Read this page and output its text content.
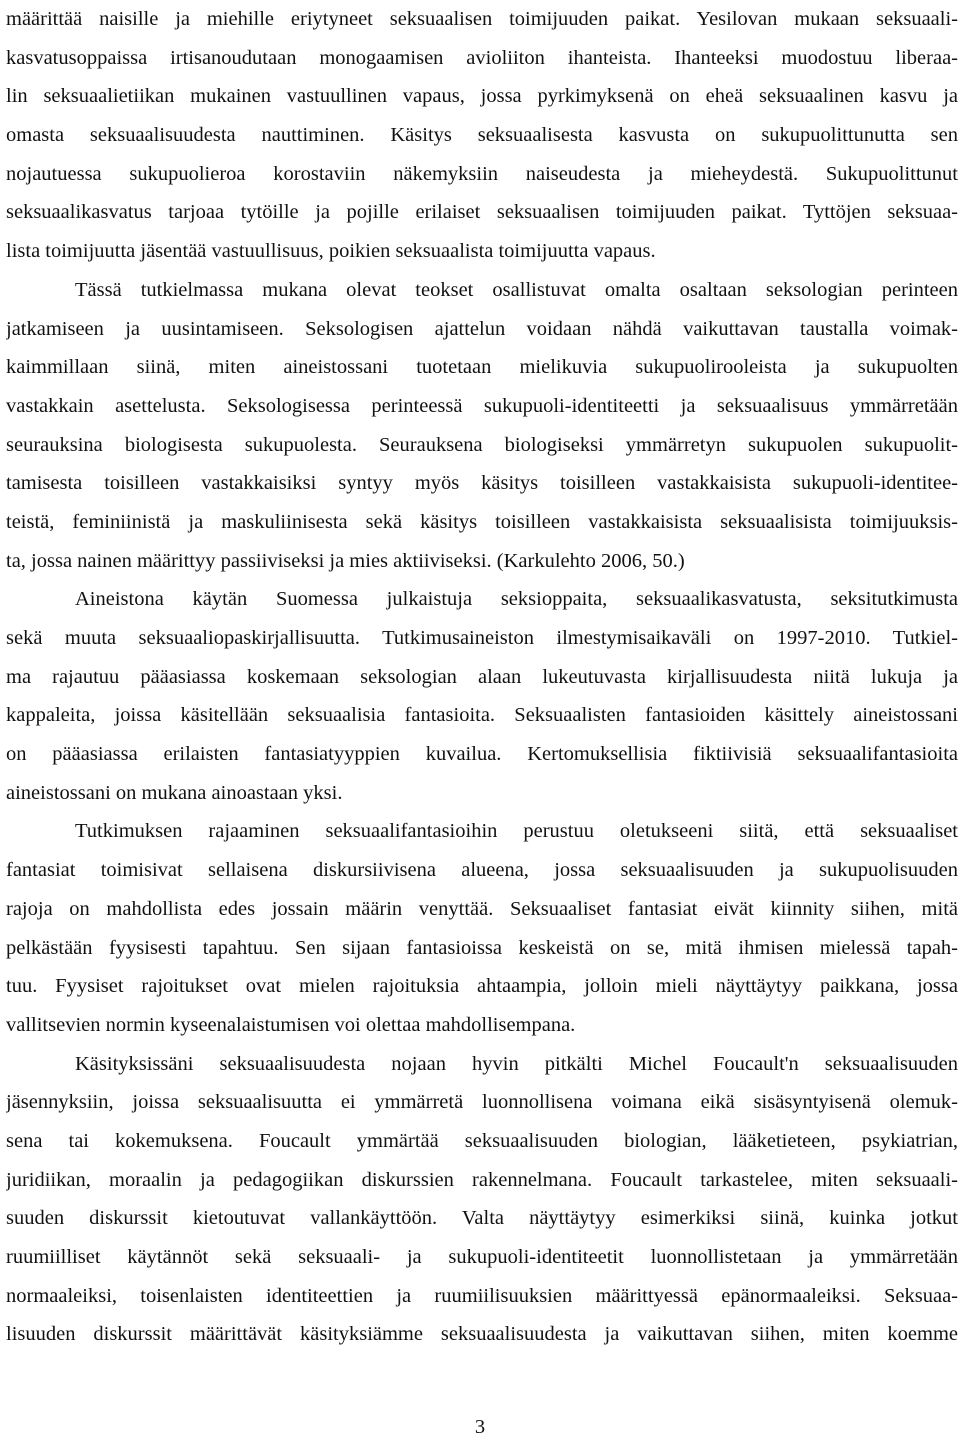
määrittää naisille ja miehille eriytyneet seksuaalisen toimijuuden paikat. Yesilovan mukaan seksuaali-
kasvatusoppaissa irtisanoudutaan monogaamisen avioliiton ihanteista. Ihanteeksi muodostuu liberaa-
lin seksuaalietiikan mukainen vastuullinen vapaus, jossa pyrkimyksenä on eheä seksuaalinen kasvu ja
omasta seksuaalisuudesta nauttiminen. Käsitys seksuaalisesta kasvusta on sukupuolittunutta sen
nojautuessa sukupuolieroa korostaviin näkemyksiin naiseudesta ja mieheydestä. Sukupuolittunut
seksuaalikasvatus tarjoaa tytöille ja pojille erilaiset seksuaalisen toimijuuden paikat. Tyttöjen seksuaa-
lista toimijuutta jäsentää vastuullisuus, poikien seksuaalista toimijuutta vapaus.
Tässä tutkielmassa mukana olevat teokset osallistuvat omalta osaltaan seksologian perinteen
jatkamiseen ja uusintamiseen. Seksologisen ajattelun voidaan nähdä vaikuttavan taustalla voimak-
kaimmillaan siinä, miten aineistossani tuotetaan mielikuvia sukupuolirooleista ja sukupuolten
vastakkain asettelusta. Seksologisessa perinteessä sukupuoli-identiteetti ja seksuaalisuus ymmärretään
seurauksina biologisesta sukupuolesta. Seurauksena biologiseksi ymmärretyn sukupuolen sukupuolit-
tamisesta toisilleen vastakkaisiksi syntyy myös käsitys toisilleen vastakkaisista sukupuoli-identitee-
teistä, feminiinistä ja maskuliinisesta sekä käsitys toisilleen vastakkaisista seksuaalisista toimijuuksis-
ta, jossa nainen määrittyy passiiviseksi ja mies aktiiviseksi. (Karkulehto 2006, 50.)
Aineistona käytän Suomessa julkaistuja seksioppaita, seksuaalikasvatusta, seksitutkimusta
sekä muuta seksuaaliopaskirjallisuutta. Tutkimusaineiston ilmestymisaikaväli on 1997-2010. Tutkiel-
ma rajautuu pääasiassa koskemaan seksologian alaan lukeutuvasta kirjallisuudesta niitä lukuja ja
kappaleita, joissa käsitellään seksuaalisia fantasioita. Seksuaalisten fantasioiden käsittely aineistossani
on pääasiassa erilaisten fantasiatyyppien kuvailua. Kertomuksellisia fiktiivisiä seksuaalifantasioita
aineistossani on mukana ainoastaan yksi.
Tutkimuksen rajaaminen seksuaalifantasioihin perustuu oletukseeni siitä, että seksuaaliset
fantasiat toimisivat sellaisena diskursiivisena alueena, jossa seksuaalisuuden ja sukupuolisuuden
rajoja on mahdollista edes jossain määrin venyttää. Seksuaaliset fantasiat eivät kiinnity siihen, mitä
pelkästään fyysisesti tapahtuu. Sen sijaan fantasioissa keskeistä on se, mitä ihmisen mielessä tapah-
tuu. Fyysiset rajoitukset ovat mielen rajoituksia ahtaampia, jolloin mieli näyttäytyy paikkana, jossa
vallitsevien normin kyseenalaistumisen voi olettaa mahdollisempana.
Käsityksissäni seksuaalisuudesta nojaan hyvin pitkälti Michel Foucault'n seksuaalisuuden
jäsennyksiin, joissa seksuaalisuutta ei ymmärretä luonnollisena voimana eikä sisäsyntyisenä olemuk-
sena tai kokemuksena. Foucault ymmärtää seksuaalisuuden biologian, lääketieteen, psykiatrian,
juridiikan, moraalin ja pedagogiikan diskurssien rakennelmana. Foucault tarkastelee, miten seksuaali-
suuden diskurssit kietoutuvat vallankäyttöön. Valta näyttäytyy esimerkiksi siinä, kuinka jotkut
ruumiilliset käytännöt sekä seksuaali- ja sukupuoli-identiteetit luonnollistetaan ja ymmärretään
normaaleiksi, toisenlaisten identiteettien ja ruumiilisuuksien määrittyessä epänormaaleiksi. Seksuaa-
lisuuden diskurssit määrittävät käsityksiämme seksuaalisuudesta ja vaikuttavan siihen, miten koemme
3
